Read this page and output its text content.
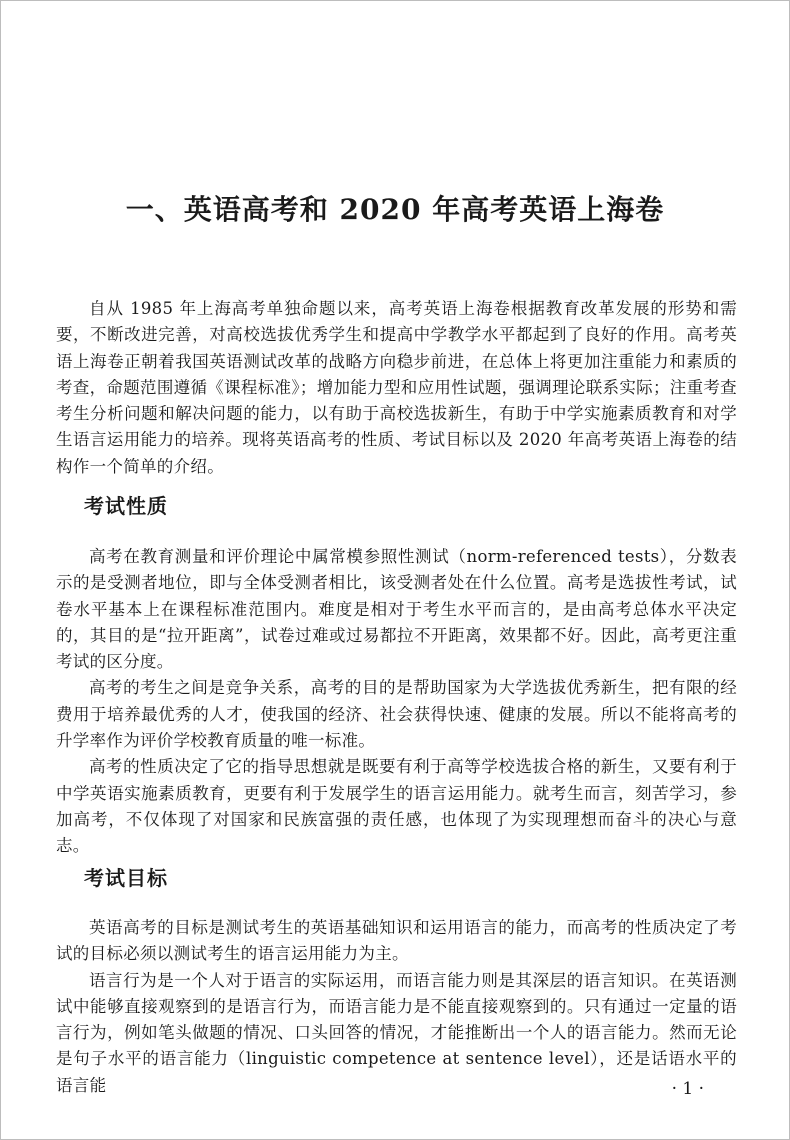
一、英语高考和 2020 年高考英语上海卷

自从 1985 年上海高考单独命题以来，高考英语上海卷根据教育改革发展的形势和需要，不断改进完善，对高校选拔优秀学生和提高中学教学水平都起到了良好的作用。高考英语上海卷正朝着我国英语测试改革的战略方向稳步前进，在总体上将更加注重能力和素质的考查，命题范围遵循《课程标准》；增加能力型和应用性试题，强调理论联系实际；注重考查考生分析问题和解决问题的能力，以有助于高校选拔新生，有助于中学实施素质教育和对学生语言运用能力的培养。现将英语高考的性质、考试目标以及 2020 年高考英语上海卷的结构作一个简单的介绍。

考试性质

高考在教育测量和评价理论中属常模参照性测试（norm-referenced tests），分数表示的是受测者地位，即与全体受测者相比，该受测者处在什么位置。高考是选拔性考试，试卷水平基本上在课程标准范围内。难度是相对于考生水平而言的，是由高考总体水平决定的，其目的是“拉开距离”，试卷过难或过易都拉不开距离，效果都不好。因此，高考更注重考试的区分度。

高考的考生之间是竞争关系，高考的目的是帮助国家为大学选拔优秀新生，把有限的经费用于培养最优秀的人才，使我国的经济、社会获得快速、健康的发展。所以不能将高考的升学率作为评价学校教育质量的唯一标准。

高考的性质决定了它的指导思想就是既要有利于高等学校选拔合格的新生，又要有利于中学英语实施素质教育，更要有利于发展学生的语言运用能力。就考生而言，刻苦学习，参加高考，不仅体现了对国家和民族富强的责任感，也体现了为实现理想而奋斗的决心与意志。

考试目标

英语高考的目标是测试考生的英语基础知识和运用语言的能力，而高考的性质决定了考试的目标必须以测试考生的语言运用能力为主。

语言行为是一个人对于语言的实际运用，而语言能力则是其深层的语言知识。在英语测试中能够直接观察到的是语言行为，而语言能力是不能直接观察到的。只有通过一定量的语言行为，例如笔头做题的情况、口头回答的情况，才能推断出一个人的语言能力。然而无论是句子水平的语言能力（linguistic competence at sentence level），还是话语水平的语言能	· 1 ·
